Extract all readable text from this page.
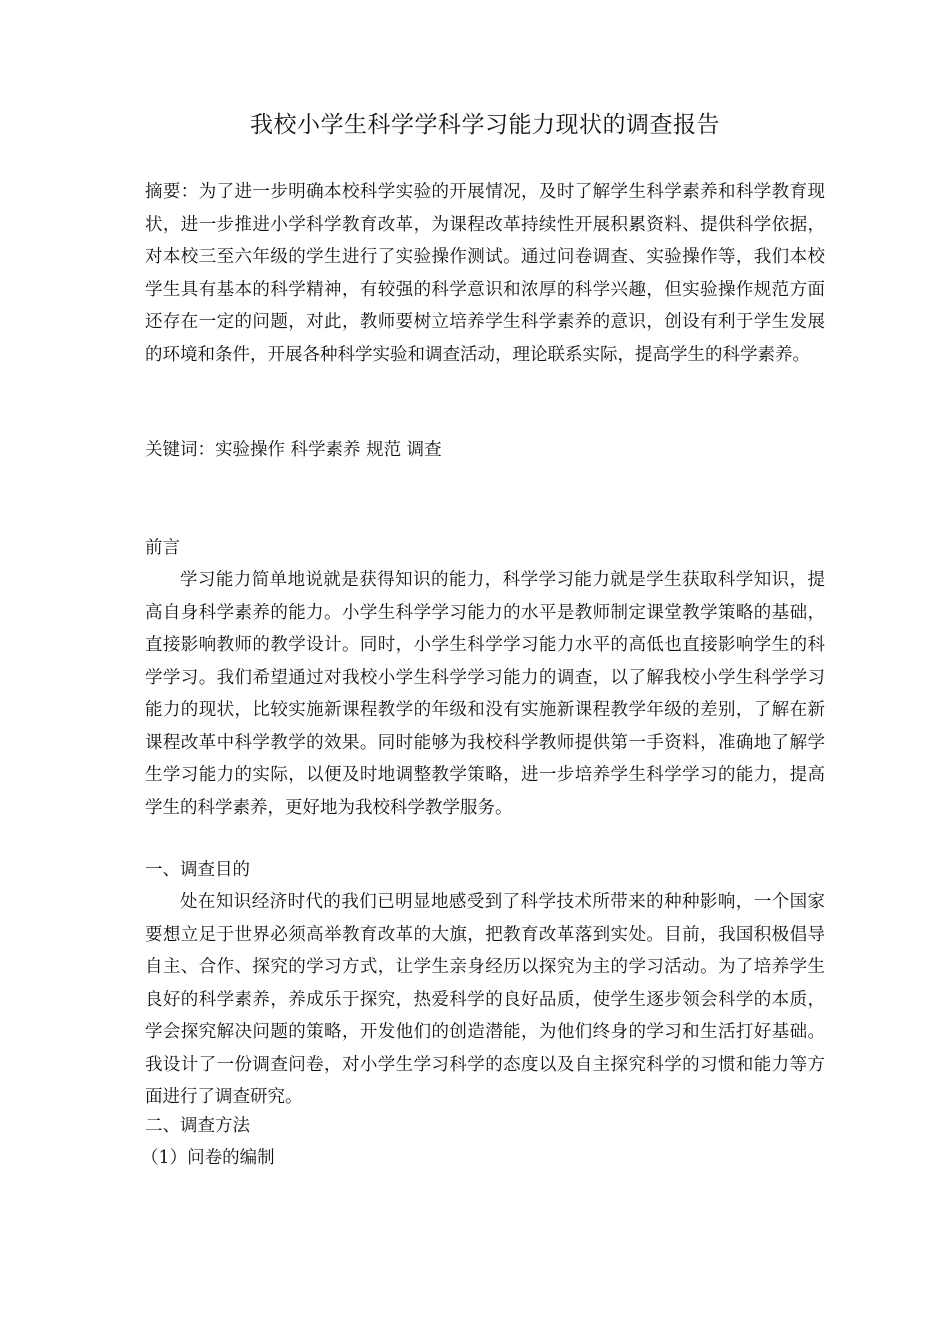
我校小学生科学学科学习能力现状的调查报告

摘要：为了进一步明确本校科学实验的开展情况，及时了解学生科学素养和科学教育现状，进一步推进小学科学教育改革，为课程改革持续性开展积累资料、提供科学依据，对本校三至六年级的学生进行了实验操作测试。通过问卷调查、实验操作等，我们本校学生具有基本的科学精神，有较强的科学意识和浓厚的科学兴趣，但实验操作规范方面还存在一定的问题，对此，教师要树立培养学生科学素养的意识，创设有利于学生发展的环境和条件，开展各种科学实验和调查活动，理论联系实际，提高学生的科学素养。

关键词：实验操作 科学素养 规范 调查

前言

学习能力简单地说就是获得知识的能力，科学学习能力就是学生获取科学知识，提高自身科学素养的能力。小学生科学学习能力的水平是教师制定课堂教学策略的基础，直接影响教师的教学设计。同时，小学生科学学习能力水平的高低也直接影响学生的科学学习。我们希望通过对我校小学生科学学习能力的调查，以了解我校小学生科学学习能力的现状，比较实施新课程教学的年级和没有实施新课程教学年级的差别，了解在新课程改革中科学教学的效果。同时能够为我校科学教师提供第一手资料，准确地了解学生学习能力的实际，以便及时地调整教学策略，进一步培养学生科学学习的能力，提高学生的科学素养，更好地为我校科学教学服务。

一、调查目的

处在知识经济时代的我们已明显地感受到了科学技术所带来的种种影响，一个国家要想立足于世界必须高举教育改革的大旗，把教育改革落到实处。目前，我国积极倡导自主、合作、探究的学习方式，让学生亲身经历以探究为主的学习活动。为了培养学生良好的科学素养，养成乐于探究，热爱科学的良好品质，使学生逐步领会科学的本质，学会探究解决问题的策略，开发他们的创造潜能，为他们终身的学习和生活打好基础。我设计了一份调查问卷，对小学生学习科学的态度以及自主探究科学的习惯和能力等方面进行了调查研究。

二、调查方法

（1）问卷的编制
